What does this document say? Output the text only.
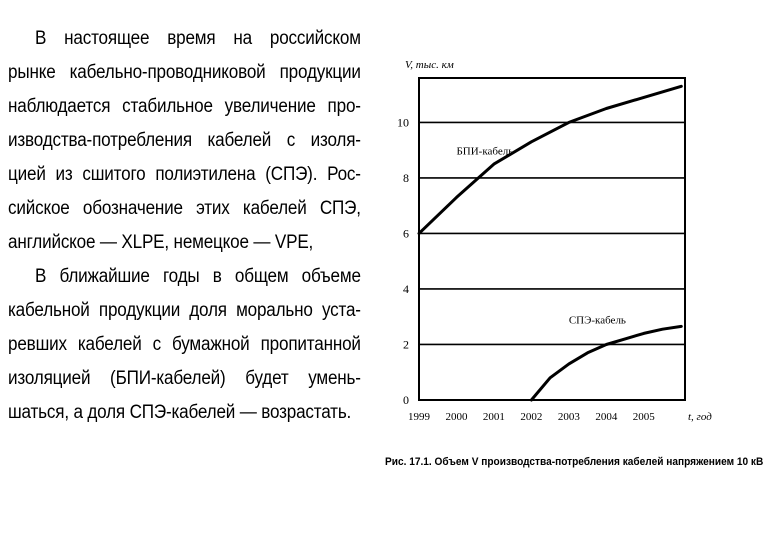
В настоящее время на российском
рынке кабельно-проводниковой продукции
наблюдается стабильное увеличение про-
изводства-потребления кабелей с изоля-
цией из сшитого полиэтилена (СПЭ). Рос-
сийское обозначение этих кабелей СПЭ,
английское — XLPE, немецкое — VPE,

В ближайшие годы в общем объеме
кабельной продукции доля морально уста-
ревших кабелей с бумажной пропитанной
изоляцией (БПИ-кабелей) будет умень-
шаться, а доля СПЭ-кабелей — возрастать.

0
2
4
6
8
10
1999 2000 2001 2002 2003 2004 2005
V, тыс. км
t, год
БПИ-кабель
СПЭ-кабель
Рис. 17.1. Объем V производства-потребления кабелей напряжением 10 кВ
